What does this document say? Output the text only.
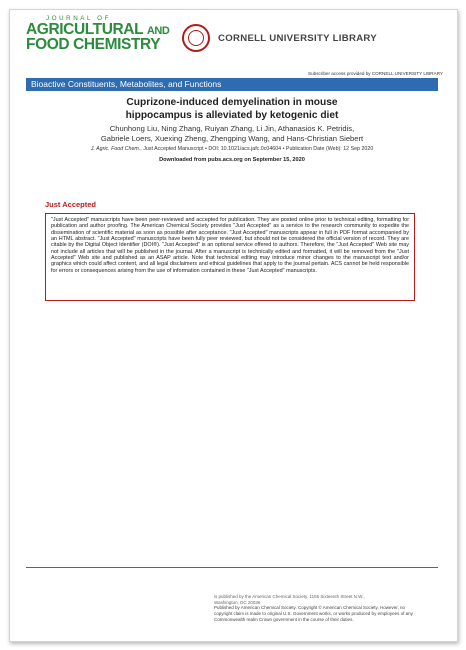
JOURNAL OF
AGRICULTURAL AND
FOOD CHEMISTRY	CORNELL UNIVERSITY LIBRARY
Subscriber access provided by CORNELL UNIVERSITY LIBRARY
Bioactive Constituents, Metabolites, and Functions
Cuprizone-induced demyelination in mouse
hippocampus is alleviated by ketogenic diet
Chunhong Liu, Ning Zhang, Ruiyan Zhang, Li Jin, Athanasios K. Petridis,
Gabriele Loers, Xuexing Zheng, Zhengping Wang, and Hans-Christian Siebert
J. Agric. Food Chem., Just Accepted Manuscript • DOI: 10.1021/acs.jafc.0c04604 • Publication Date (Web): 12 Sep 2020
Downloaded from pubs.acs.org on September 15, 2020
Just Accepted
"Just Accepted" manuscripts have been peer-reviewed and accepted for publication. They are posted online prior to technical editing, formatting for publication and author proofing. The American Chemical Society provides "Just Accepted" as a service to the research community to expedite the dissemination of scientific material as soon as possible after acceptance. "Just Accepted" manuscripts appear in full in PDF format accompanied by an HTML abstract. "Just Accepted" manuscripts have been fully peer reviewed, but should not be considered the official version of record. They are citable by the Digital Object Identifier (DOI®). "Just Accepted" is an optional service offered to authors. Therefore, the "Just Accepted" Web site may not include all articles that will be published in the journal. After a manuscript is technically edited and formatted, it will be removed from the "Just Accepted" Web site and published as an ASAP article. Note that technical editing may introduce minor changes to the manuscript text and/or graphics which could affect content, and all legal disclaimers and ethical guidelines that apply to the journal pertain. ACS cannot be held responsible for errors or consequences arising from the use of information contained in these "Just Accepted" manuscripts.
is published by the American Chemical Society. 1155 Sixteenth Street N.W.,
Washington, DC 20036
Published by American Chemical Society. Copyright © American Chemical Society. However, no copyright claim is made to original U.S. Government works, or works produced by employees of any Commonwealth realm Crown government in the course of their duties.
